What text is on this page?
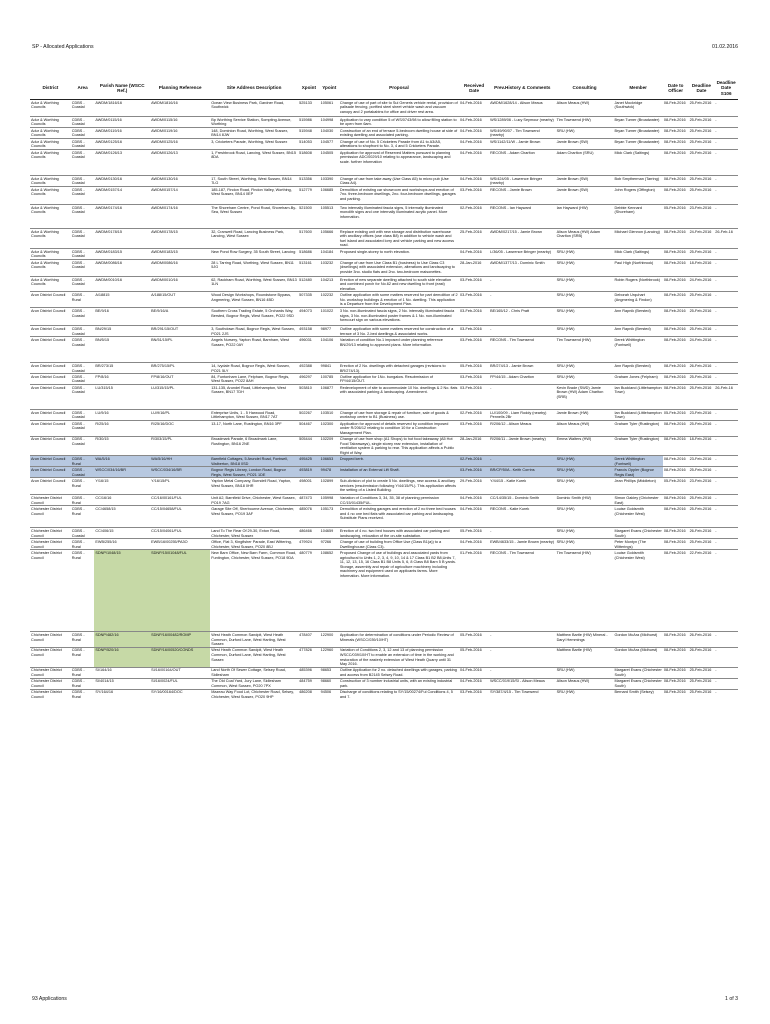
SP - Allocated Applications	01.02.2016
District	Area	Parish Name (WSCC Ref.)	Planning Reference	Site Address Description	Xpoint	Ypoint	Proposal	Received Date	Prev.History & Comments	Consulting	Member	Date to Officer	Deadline Date	Deadline Date S106
Adur & Worthing Councils	CDBS - Coastal	AWDM/1816/16	AWDM/1816/16	Ocean View Business Park, Gardner Road, Southwick	525133	105061	Change of use of part of site to Sui Generis vehicle rental, provision of palisade fencing, portfied steel sheet vehicle wash and vacuum canopy and 2 portakabins for office and driver rest area.	04-Feb-2016	AWDM/1628/14 - Alison Meaus	Alison Meaus (HW)	Janet Mockridge (Southwick)	08-Feb-2016	25-Feb-2016	-
Adur & Worthing Councils	CDBS - Coastal	AWDM/0115/16	AWDM/0115/16	Bp Worthing Service Station, Sompting Avenue, Worthing	515986	104998	Application to vary condition 5 of WS/0743/98 to allow filling station to be open from 6am.	04-Feb-2016	WS/1289/06 - Lucy Seymour (nearby)	Tim Townsend (HW)	Bryan Turner (Broadwater)	08-Feb-2016	25-Feb-2016	-
Adur & Worthing Councils	CDBS - Coastal	AWDM/0119/16	AWDM/0119/16	148, Dominion Road, Worthing, West Sussex, BN14 8JW	515948	104030	Construction of an end of terrace 5-bedroom dwelling house at side of existing dwelling and associated parking.	04-Feb-2016	WS/49/90/07 - Tim Townsend (nearby)	SRU (HW)	Bryan Turner (Broadwater)	08-Feb-2016	25-Feb-2016	-
Adur & Worthing Councils	CDBS - Coastal	AWDM/0125/16	AWDM/0125/16	3, Cricketers Parade, Worthing, West Sussex	514053	104577	Change of use of No. 5 Cricketers Parade from A1 to A3/A5, alterations to shopfront to No. 3, 4 and 5 Cricketers Parade.	04-Feb-2016	WS/1142/11/W - Jamie Brown	Jamie Brown (SW)	Bryan Turner (Broadwater)	08-Feb-2016	25-Feb-2016	-
Adur & Worthing Councils	CDBS - Coastal	AWDM/0126/13	AWDM/0126/13	1, Freshbrook Road, Lancing, West Sussex, BN15 8DA	518608	104505	Application for approval of Reserved Matters pursuant to planning permission ADC/0029/10 relating to appearance, landscaping and scale. further information	04-Feb-2016	RECONS - Adam Charlton	Adam Charlton (SRU)	Mick Clark (Saltings)	08-Feb-2016	25-Feb-2016	-
Adur & Worthing Councils	CDBS - Coastal	AWDM/0130/16	AWDM/0130/16	17, South Street, Worthing, West Sussex, BN14 7LG	513356	103390	Change of use from take away (Use Class A5) to micro pub (Use Class A4).	04-Feb-2016	WS/424/05 - Lawrence Bringer (nearby)	Jamie Brown (SW)	Bob Smytherman (Tarring)	08-Feb-2016	25-Feb-2016	-
Adur & Worthing Councils	CDBS - Coastal	AWDM/0157/14	AWDM/0157/14	185-187, Findon Road, Findon Valley, Worthing, West Sussex, BN14 0EP	512779	106685	Demolition of existing car showroom and workshops and erection of 7no. three-bedroom dwellings, 2no. four-bedroom dwellings, garages and parking.	03-Feb-2016	RECONS - Jamie Brown	Jamie Brown (SW)	John Rogers (Offington)	08-Feb-2016	25-Feb-2016	-
Adur & Worthing Councils	CDBS - Coastal	AWDM/0174/16	AWDM/0174/16	The Shoreham Centre, Pond Road, Shoreham-By-Sea, West Sussex	521500	105513	Two internally illuminated fascia signs, 5 internally illuminated monolith signs and one internally illuminated acrylic panel. More information.	02-Feb-2016	RECONS - Ian Hayward	Ian Hayward (HW)	Debbie Kennard (Shoreham)	05-Feb-2016	23-Feb-2016	-
Adur & Worthing Councils	CDBS - Coastal	AWDM/0178/15	AWDM/0178/15	32, Cranwell Road, Lancing Business Park, Lancing, West Sussex	517600	105666	Replace existing unit with new storage and distribution warehouse with ancillary offices (use class B8) in addition to vehicle wash and fuel island and associated lorry and vehicle parking and new access road.	25-Feb-2016	AWDM/0217/15 - Jamie Brown	Alison Meaus (HW) Adam Charlton (SRB)	Michael Glennon (Lancing)	08-Feb-2016	24-Feb-2016	26-Feb-16
Adur & Worthing Councils	CDBS - Coastal	AWDM/0183/15	AWDM/0183/15	New Pond Row Surgery, 35 South Street, Lancing	518686	104184	Proposed single-storey to north elevation.	04-Feb-2016	L/36/05 - Lawrence Bringer (nearby)	SRU (HW)	Mick Clark (Saltings)	08-Feb-2016	25-Feb-2016	-
Adur & Worthing Councils	CDBS - Coastal	AWDM/0086/16	AWDM/0086/16	28 L Tarring Road, Worthing, West Sussex, BN11 5JG	513161	103232	Change of use from Use Class B1 (business) to Use Class C3 (dwellings) with associated extension, alterations and landscaping to provide 3no. studio flats and 2no. two-bedroom maisonettes.	28-Jan-2016	AWDM/1377/13 - Dominic Smith	SRU (HW)	Paul High (Northbrook)	08-Feb-2016	18-Feb-2016	-
Adur & Worthing Councils	CDBS - Coastal	AWDM/0010/16	AWDM/0010/16	62, Rackham Road, Worthing, West Sussex, BN13 1LN	512480	104213	Erection of new separate dwelling attached to south side elevation and combined porch for No.62 and new dwelling to front (east) elevation.	03-Feb-2016	-	SRU (HW)	Robin Rogers (Northbrook)	08-Feb-2016	24-Feb-2016	-
Arun District Council	CDBS - Rural	A/18815	A/188/15/OUT	Wood Design Workshops, Roundstone Bypass, Angmering, West Sussex, BN16 4BD	507335	102232	Outline application with some matters reserved for part demolition of 2 No. workshop buildings & erection of 1 No. dwelling. This application is a Departure from the Development Plan.	03-Feb-2016	-	SRU (HW)	Deborah Urquhart (Angmering & Findon)	08-Feb-2016	25-Feb-2016	-
Arun District Council	CDBS - Coastal	BE/9/16	BE/9/16/A	Southern Cross Trading Estate, 5 Orchards Way, Bersted, Bognor Regis, West Sussex, PO22 9SD	494073	101022	3 No. non-illuminated fascia signs, 2 No. internally illuminated fascia signs, 3 No. non-illuminated poster frames & 1 No. non-illuminated forecourt sign on various elevations.	03-Feb-2016	BE/165/12 - Chris Pratt	SRU (HW)	Ann Rapnik (Bersted)	08-Feb-2016	25-Feb-2016	-
Arun District Council	CDBS - Coastal	BN/29/15	BR/291/15/OUT	3, Southdown Road, Bognor Regis, West Sussex, PO21 2JS	493158	98977	Outline application with some matters reserved for construction of a terrace of 3 No. 2-bed dwellings & associated works.	03-Feb-2016	-	SRU (HW)	Ann Rapnik (Bersted)	08-Feb-2016	25-Feb-2016	-
Arun District Council	CDBS - Coastal	BN/5/15	BN/51/15/PL	Angels Nursery, Yapton Road, Barnham, West Sussex, PO22 0AY	496031	104106	Variation of condition No.1 imposed under planning reference BN/29/13 relating to approved plans. More information.	03-Feb-2016	RECONS - Tim Townsend	Tim Townsend (HW)	Derek Whittington (Fontwell)	08-Feb-2016	24-Feb-2016	-
Arun District Council	CDBS - Coastal	BR/273/15	BR/275/15/PL	14, Ivydale Road, Bognor Regis, West Sussex, PO21 5LY	492388	99841	Erection of 2 No. dwellings with detached garages (revisions to BR/274/13).	05-Feb-2016	BR/274/13 - Jamie Brown	SRU (HW)	Ann Rapnik (Bersted)	08-Feb-2016	26-Feb-2016	-
Arun District Council	CDBS - Coastal	FP/8/16	FP/8/16/OUT	84, Funtonham Lane, Felpham, Bognor Regis, West Sussex, PO22 8AH	496297	100785	Outline application for 1No. bungalow. Resubmission of FP/44/15/OUT.	03-Feb-2016	FP/44/15 - Adam Charlton	SRU (HW)	Graham Jones (Felpham)	08-Feb-2016	25-Feb-2016	-
Arun District Council	CDBS - Coastal	LU/315/15	LU/315/15/PL	131-135, Arundel Road, Littlehampton, West Sussex, BN17 7DH	503810	106877	Redevelopment of site to accommodate 10 No. dwellings & 2 No. flats with associated parking & landscaping. Amendment.	03-Feb-2016	-	Kevin Brade (SWD) Jamie Brown (HW) Adam Charlton (SRB)	Ian Buckland (Littlehampton Town)	08-Feb-2016	25-Feb-2016	26-Feb-16
Arun District Council	CDBS - Coastal	LU/9/16	LU/9/16/PL	Enterprise Units, 1 - 5 Harwood Road, Littlehampton, West Sussex, BN17 7AT	502267	103510	Change of use from storage & repair of furniture, sale of goods & workshop centre to B1 (Business) use.	02-Feb-2016	LU/100/09 - Liam Roddy (nearby) Pennells 2Br	Jamie Brown (HW)	Ian Buckland (Littlehampton Town)	05-Feb-2016	23-Feb-2016	-
Arun District Council	CDBS - Coastal	R/25/16	R/25/16/DOC	13-17, North Lane, Rustington, BN16 3PF	504467	102300	Application for approval of details reserved by condition imposed under R/206/12 relating to condition 10 for a Construction Management Plan.	03-Feb-2016	R/206/12 - Alison Meaus	Alison Meaus (HW)	Graham Tyler (Rustington)	08-Feb-2016	25-Feb-2016	-
Arun District Council	CDBS - Coastal	R/30/15	R/303/15/PL	Broadmark Parade, 6 Broadmark Lane, Rustington, BN16 2NE	505444	102209	Change of use from shop (A1 Shops) to hot food takeaway (A5 Hot Food Takeaways), single storey rear extension, installation of ventilation system & parking to rear. This application affects a Public Right of Way.	28-Jan-2016	R/206/11 - Jamie Brown (nearby)	Emma Walters (HW)	Graham Tyler (Rustington)	08-Feb-2016	18-Feb-2016	-
Arun District Council	CDBS - Rural	WA/5/16	WA/5/16/HH	Barnfield Cottages, 5 Arundel Road, Fontwell, Walberton, BN18 0SD	495425	106653	Dropped kerb.	02-Feb-2016	-	SRU (HW)	Derek Whittington (Fontwell)	08-Feb-2016	23-Feb-2016	-
Arun District Council	CDBS - Coastal	WSCC/034/16/BR	WSCC/034/16/BR	Bognor Regis Library, London Road, Bognor Regis, West Sussex, PO21 1DE	493819	99478	Installation of an External Lift Shaft.	03-Feb-2016	BR/CP/50A - Keith Corrins	SRU (HW)	Francis Oppler (Bognor Regis East)	08-Feb-2016	25-Feb-2016	-
Arun District Council	CDBS - Rural	Y/16/15	Y/16/15/PL	Yapton Metal Company, Burndell Road, Yapton, West Sussex, BN18 0HR	498001	102899	Sub-division of plot to create 5 No. dwellings, new access & ancillary services (resubmission following Y/44/15/PL). This application affects the setting of a Listed Building.	29-Feb-2016	Y/44/15 - Katie Kurek	SRU (HW)	Jean Phillips (Middleton)	05-Feb-2016	23-Feb-2016	-
Chichester District Council	CDBS - Rural	CC/16/16	CC/16/00161/FUL	Unit A2, Barnfield Drive, Chichester, West Sussex, PO19 7AG	487473	105998	Variation of Conditions 3, 34, 35, 38 of planning permission CC/15/01435/FUL.	04-Feb-2016	CC/14/35/15 - Dominic Smith	Dominic Smith (HW)	Simon Oakley (Chichester East)	08-Feb-2016	25-Feb-2016	-
Chichester District Council	CDBS - Rural	CC/4658/15	CC/15/04658/FUL	Garage Site Off, Sherbourne Avenue, Chichester, West Sussex, PO19 3AF	485076	105173	Demolition of existing garages and erection of 2 no three bed houses and 4 no one bed flats with associated car parking and landscaping. Substitute Plans received.	04-Feb-2016	RECONS - Katie Kurek	SRU (HW)	Louise Goldsmith (Chichester West)	08-Feb-2016	25-Feb-2016	-
Chichester District Council	CDBS - Coastal	CC/406/15	CC/15/04061/FUL	Land To The Rear Of 29-30, Exton Road, Chichester, West Sussex	486466	104659	Erection of 4 no. two bed houses with associated car parking and landscaping, relocation of the on-site substation.	05-Feb-2016	-	SRU (HW)	Margaret Evans (Chichester South)	08-Feb-2016	26-Feb-2016	-
Chichester District Council	CDBS - Rural	EWB/255/16	EWB/16/00255/PA3O	Office, Flat 3, Kingfisher Parade, East Wittering, Chichester, West Sussex, PO20 8BJ	479924	97266	Change of use of building from Office Use (Class B1(a)) to a Dwellinghouse (Class C3).	04-Feb-2016	EWB/4633/15 - Jamie Brown (nearby)	SRU (HW)	Peter Montyn (The Witterings)	08-Feb-2016	25-Feb-2016	-
Chichester District Council	CDBS - Rural	SDNP/1048/15	SDNP/15/01048/FUL	New Barn Office, New Barn Farm, Common Road, Funtington, Chichester, West Sussex, PO18 9DA	480779	108652	Proposed Change of use of buildings and associated yards from agricultural to Units 1, 2, 3, 4, 9, 10, 14 & 17 Class B1 B2 B8,Units 7, 11, 12, 13, 15, 16 Class B1 B8 Units 5, 6, 8 Class B8 Barn 5 B yards. Storage, assembly and repair of agriculture machinery including machinery and equipment used on applicants farms. More information. More information.	01-Feb-2016	RECONS - Tim Townsend	Tim Townsend (HW)	Louise Goldsmith (Chichester West)	08-Feb-2016	22-Feb-2016	-
Chichester District Council	CDBS - Rural	SDNP/482/16	SDNP/16/00482/ROMP	West Heath Common Sandpit, West Heath Common, Durford Lane, West Harting, West Sussex	478407	122900	Application for determination of conditions under Periodic Review of Minerals (WSCC/039/10/HT)	05-Feb-2016	-	Matthew Bartle (HW) Mineral - Daryl Hemmings	Gordon McAra (Midhurst)	08-Feb-2016	26-Feb-2016	-
Chichester District Council	CDBS - Rural	SDNP/520/16	SDNP/16/00520/CONDS	West Heath Common Sandpit, West Heath Common, Durford Lane, West Harting, West Sussex	477826	122960	Variation of Conditions 2, 3, 12 and 13 of planning permission WSCC/039/10/HT to enable an extension of time in the working and restoration of the easterly extension of West Heath Quarry until 31 May 2016.	05-Feb-2016	-	Matthew Bartle (HW)	Gordon McAra (Midhurst)	08-Feb-2016	26-Feb-2016	-
Chichester District Council	CDBS - Rural	SI/164/16	SI/16/00164/OUT	Land North Of Sewer Cottage, Selsey Road, Sidlesham	485396	98653	Outline Application for 2 no. detached dwellings with garages, parking and access from B2145 Selsey Road.	04-Feb-2016	-	SRU (HW)	Margaret Evans (Chichester South)	08-Feb-2016	25-Feb-2016	-
Chichester District Council	CDBS - Rural	SI/4014/15	SI/16/0024/FUL	The Old Coal Yard, Jury Lane, Sidlesham Common, West Sussex, PO20 7PX	484759	98660	Construction of 3 number industrial units, with an existing industrial park.	04-Feb-2016	WSCC/019/15/SI - Alison Meaus	Alison Meaus (HW)	Margaret Evans (Chichester South)	08-Feb-2016	25-Feb-2016	-
Chichester District Council	CDBS - Rural	SY/164/16	SY/16/00164/DOC	Mazeau Way Food Lot, Chichester Road, Selsey, Chichester, West Sussex, PO20 9HP	486208	94506	Discharge of conditions relating to SY/15/00274/Ful Conditions 4, 5 and 7.	03-Feb-2016	SY/387/4/15 - Tim Townsend	SRU (HW)	Bernard Smith (Selsey)	08-Feb-2016	25-Feb-2016	-
93 Applications	1 of 3
